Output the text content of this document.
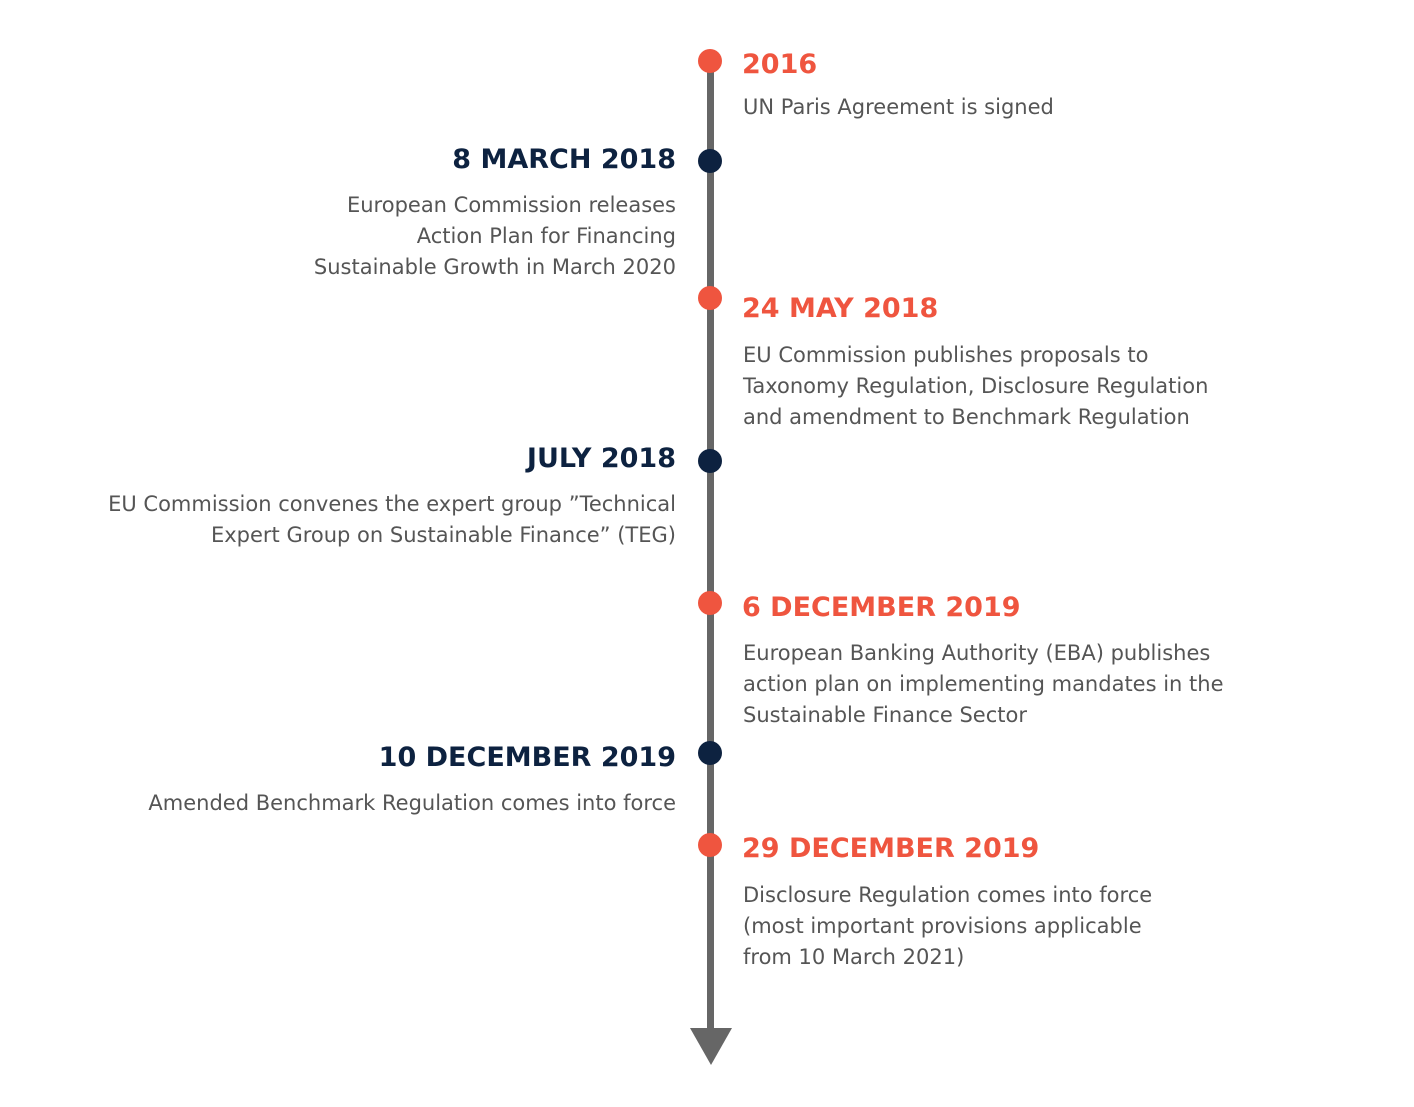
2016
UN Paris Agreement is signed
8 MARCH 2018
European Commission releases
Action Plan for Financing
Sustainable Growth in March 2020
24 MAY 2018
EU Commission publishes proposals to
Taxonomy Regulation, Disclosure Regulation
and amendment to Benchmark Regulation
JULY 2018
EU Commission convenes the expert group ”Technical
Expert Group on Sustainable Finance” (TEG)
6 DECEMBER 2019
European Banking Authority (EBA) publishes
action plan on implementing mandates in the
Sustainable Finance Sector
10 DECEMBER 2019
Amended Benchmark Regulation comes into force
29 DECEMBER 2019
Disclosure Regulation comes into force
(most important provisions applicable
from 10 March 2021)
